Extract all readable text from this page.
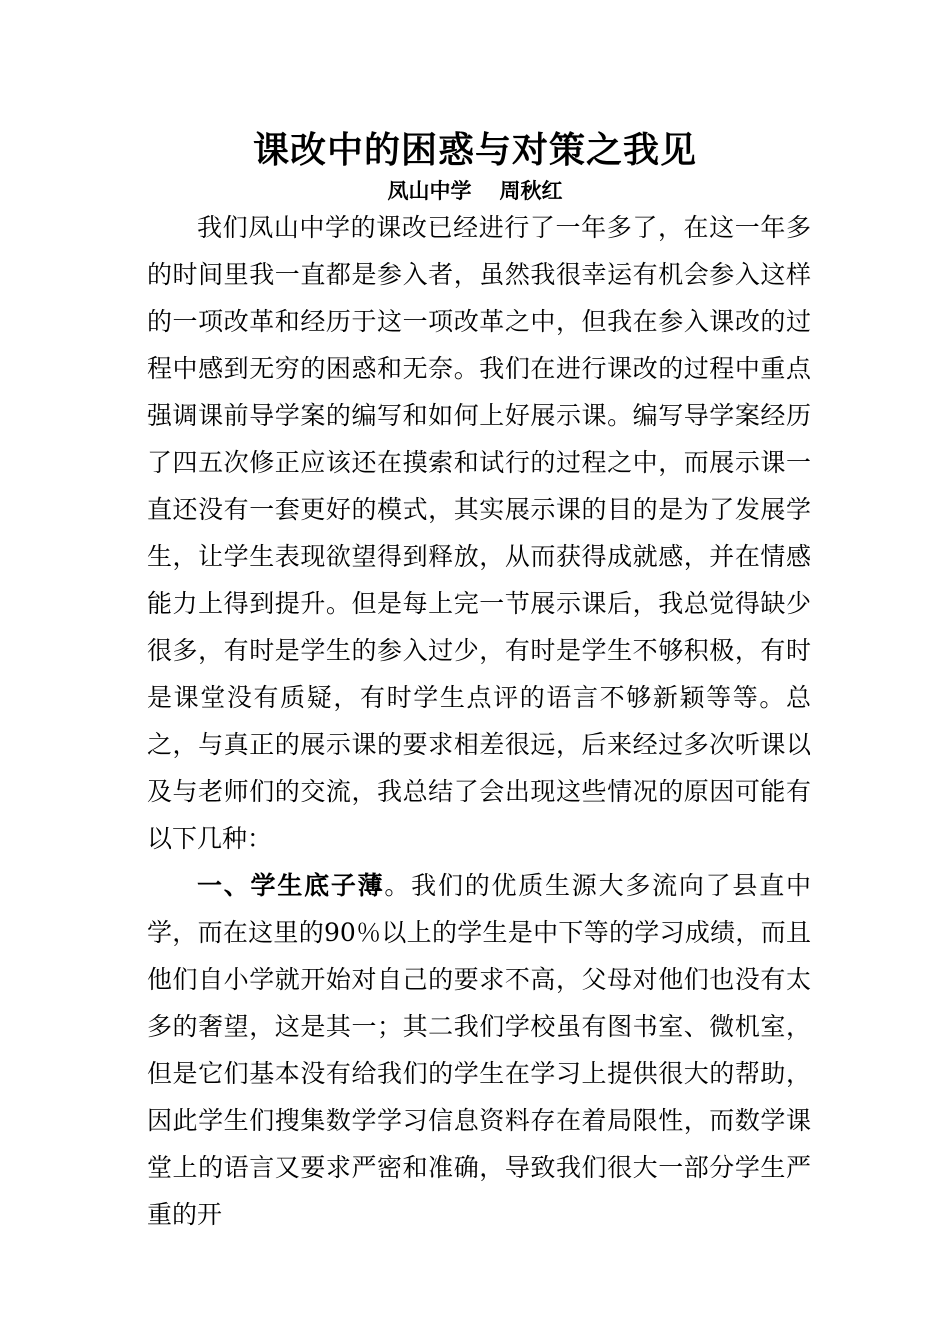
课改中的困惑与对策之我见
凤山中学 周秋红

我们凤山中学的课改已经进行了一年多了，在这一年多的时间里我一直都是参入者，虽然我很幸运有机会参入这样的一项改革和经历于这一项改革之中，但我在参入课改的过程中感到无穷的困惑和无奈。我们在进行课改的过程中重点强调课前导学案的编写和如何上好展示课。编写导学案经历了四五次修正应该还在摸索和试行的过程之中，而展示课一直还没有一套更好的模式，其实展示课的目的是为了发展学生，让学生表现欲望得到释放，从而获得成就感，并在情感能力上得到提升。但是每上完一节展示课后，我总觉得缺少很多，有时是学生的参入过少，有时是学生不够积极，有时是课堂没有质疑，有时学生点评的语言不够新颖等等。总之，与真正的展示课的要求相差很远，后来经过多次听课以及与老师们的交流，我总结了会出现这些情况的原因可能有以下几种：

一、学生底子薄。我们的优质生源大多流向了县直中学，而在这里的90％以上的学生是中下等的学习成绩，而且他们自小学就开始对自己的要求不高，父母对他们也没有太多的奢望，这是其一；其二我们学校虽有图书室、微机室，但是它们基本没有给我们的学生在学习上提供很大的帮助，因此学生们搜集数学学习信息资料存在着局限性，而数学课堂上的语言又要求严密和准确，导致我们很大一部分学生严重的开
